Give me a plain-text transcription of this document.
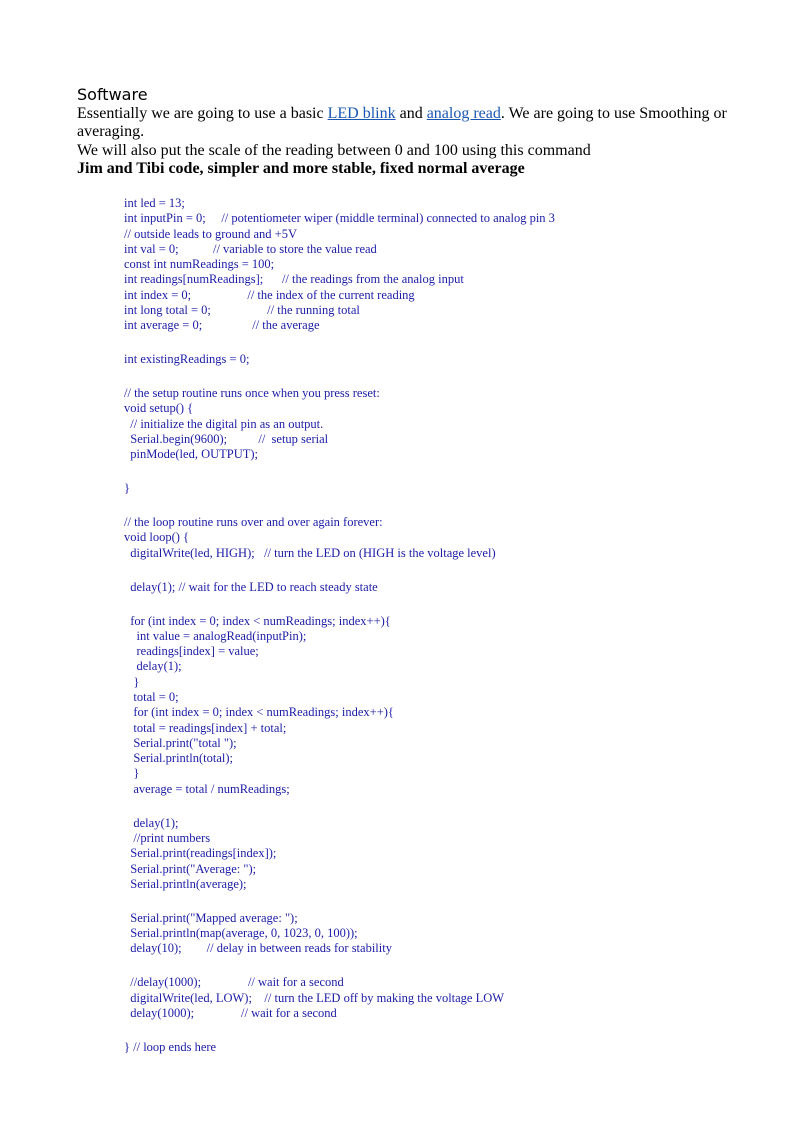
Software

Essentially we are going to use a basic LED blink and analog read. We are going to use Smoothing or averaging.

We will also put the scale of the reading between 0 and 100 using this command

Jim and Tibi code, simpler and more stable, fixed normal average

int led = 13;
int inputPin = 0;     // potentiometer wiper (middle terminal) connected to analog pin 3
// outside leads to ground and +5V
int val = 0;           // variable to store the value read
const int numReadings = 100;
int readings[numReadings];      // the readings from the analog input
int index = 0;                  // the index of the current reading
int long total = 0;                  // the running total
int average = 0;                // the average
int existingReadings = 0;
// the setup routine runs once when you press reset:
void setup() {
// initialize the digital pin as an output.
Serial.begin(9600);          //  setup serial
pinMode(led, OUTPUT);
}
// the loop routine runs over and over again forever:
void loop() {
digitalWrite(led, HIGH);   // turn the LED on (HIGH is the voltage level)
delay(1); // wait for the LED to reach steady state
for (int index = 0; index < numReadings; index++){
int value = analogRead(inputPin);
readings[index] = value;
delay(1);
}
total = 0;
for (int index = 0; index < numReadings; index++){
total = readings[index] + total;
Serial.print("total ");
Serial.println(total);
}
average = total / numReadings;
delay(1);
//print numbers
Serial.print(readings[index]);
Serial.print("Average: ");
Serial.println(average);
Serial.print("Mapped average: ");
Serial.println(map(average, 0, 1023, 0, 100));
delay(10);        // delay in between reads for stability
//delay(1000);               // wait for a second
digitalWrite(led, LOW);    // turn the LED off by making the voltage LOW
delay(1000);               // wait for a second
} // loop ends here
